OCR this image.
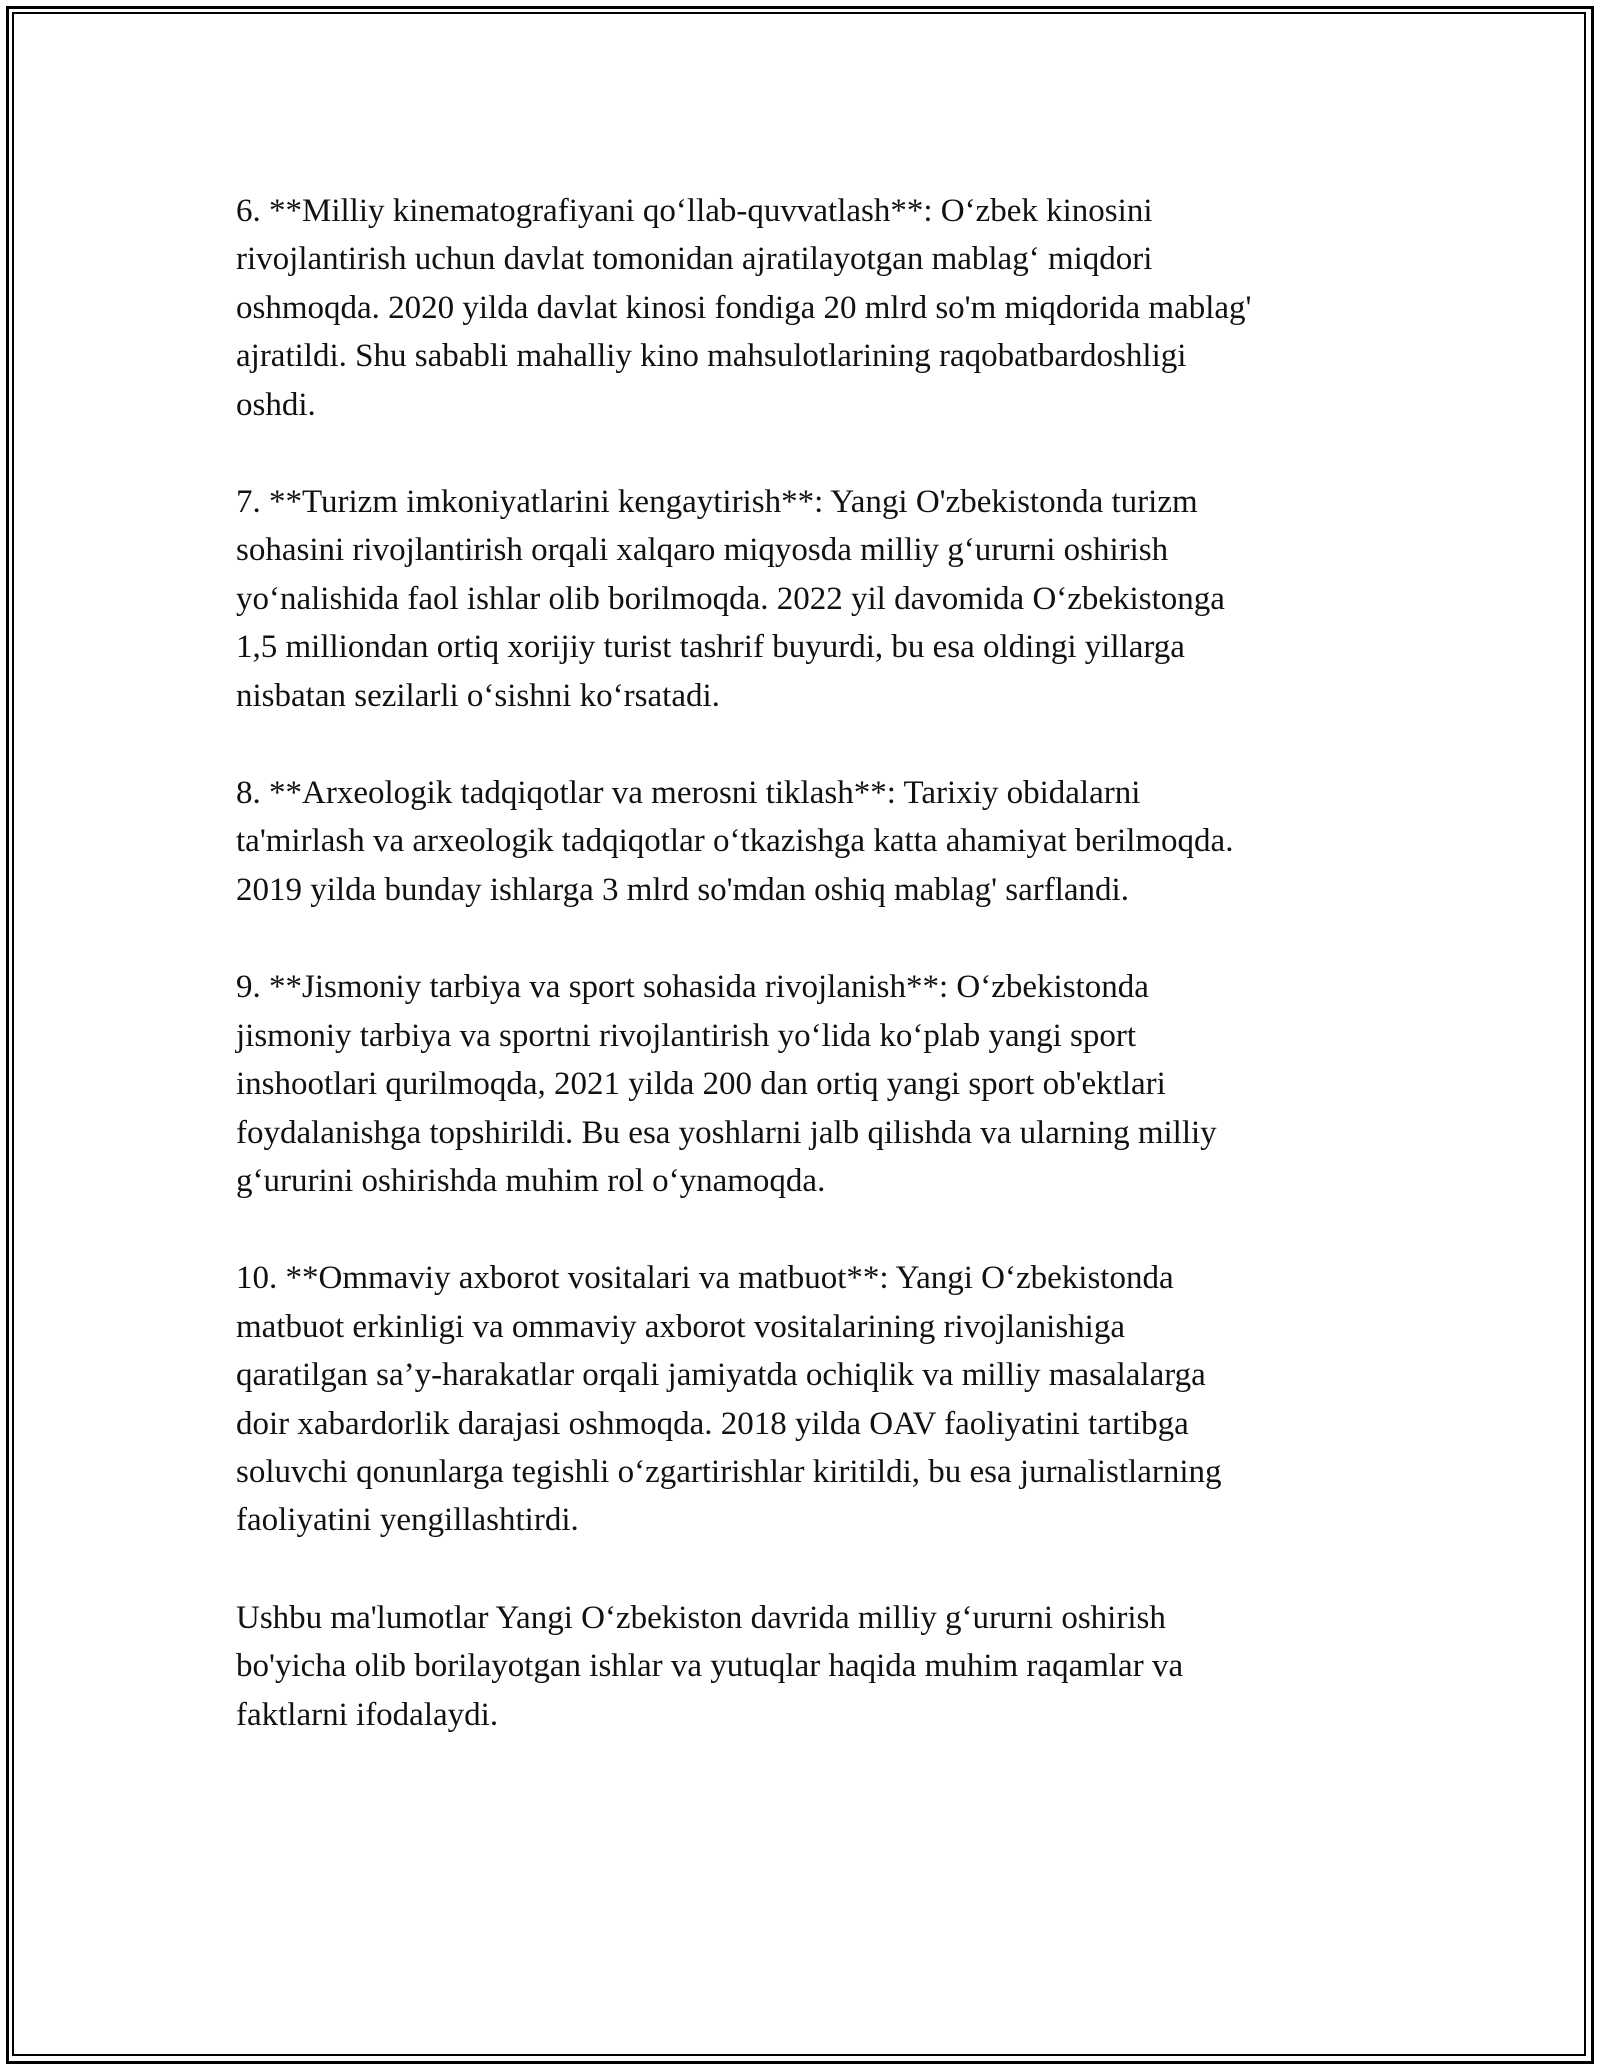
6. **Milliy kinematografiyani qo‘llab-quvvatlash**: O‘zbek kinosini
rivojlantirish uchun davlat tomonidan ajratilayotgan mablag‘ miqdori
oshmoqda. 2020 yilda davlat kinosi fondiga 20 mlrd so'm miqdorida mablag'
ajratildi. Shu sababli mahalliy kino mahsulotlarining raqobatbardoshligi
oshdi.

7. **Turizm imkoniyatlarini kengaytirish**: Yangi O'zbekistonda turizm
sohasini rivojlantirish orqali xalqaro miqyosda milliy g‘ururni oshirish
yo‘nalishida faol ishlar olib borilmoqda. 2022 yil davomida O‘zbekistonga
1,5 milliondan ortiq xorijiy turist tashrif buyurdi, bu esa oldingi yillarga
nisbatan sezilarli o‘sishni ko‘rsatadi.

8. **Arxeologik tadqiqotlar va merosni tiklash**: Tarixiy obidalarni
ta'mirlash va arxeologik tadqiqotlar o‘tkazishga katta ahamiyat berilmoqda.
2019 yilda bunday ishlarga 3 mlrd so'mdan oshiq mablag' sarflandi.

9. **Jismoniy tarbiya va sport sohasida rivojlanish**: O‘zbekistonda
jismoniy tarbiya va sportni rivojlantirish yo‘lida ko‘plab yangi sport
inshootlari qurilmoqda, 2021 yilda 200 dan ortiq yangi sport ob'ektlari
foydalanishga topshirildi. Bu esa yoshlarni jalb qilishda va ularning milliy
g‘ururini oshirishda muhim rol o‘ynamoqda.

10. **Ommaviy axborot vositalari va matbuot**: Yangi O‘zbekistonda
matbuot erkinligi va ommaviy axborot vositalarining rivojlanishiga
qaratilgan sa’y-harakatlar orqali jamiyatda ochiqlik va milliy masalalarga
doir xabardorlik darajasi oshmoqda. 2018 yilda OAV faoliyatini tartibga
soluvchi qonunlarga tegishli o‘zgartirishlar kiritildi, bu esa jurnalistlarning
faoliyatini yengillashtirdi.

Ushbu ma'lumotlar Yangi O‘zbekiston davrida milliy g‘ururni oshirish
bo'yicha olib borilayotgan ishlar va yutuqlar haqida muhim raqamlar va
faktlarni ifodalaydi.
